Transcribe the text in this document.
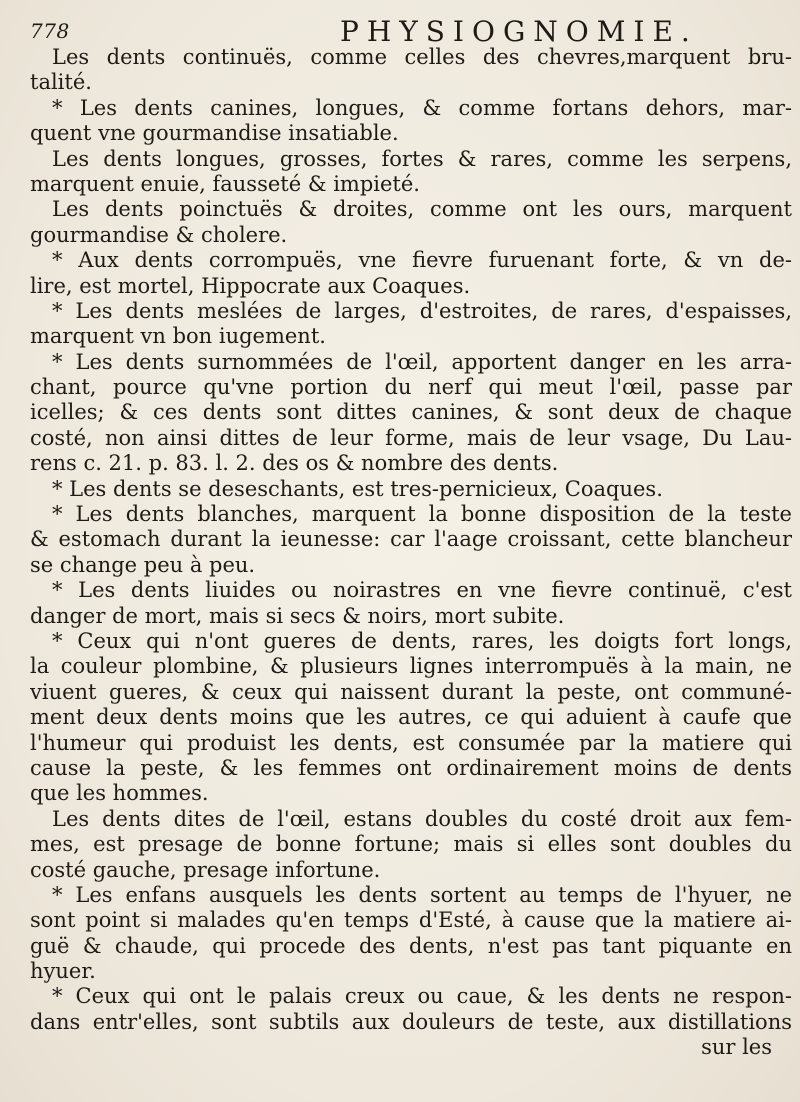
778	PHYSIOGNOMIE.

Les dents continuës, comme celles des chevres,marquent bru-

talité.

* Les dents canines, longues, & comme fortans dehors, mar-

quent vne gourmandise insatiable.

Les dents longues, grosses, fortes & rares, comme les serpens,

marquent enuie, fausseté & impieté.

Les dents poinctuës & droites, comme ont les ours, marquent

gourmandise & cholere.

* Aux dents corrompuës, vne fievre furuenant forte, & vn de-

lire, est mortel, Hippocrate aux Coaques.

* Les dents meslées de larges, d'estroites, de rares, d'espaisses,

marquent vn bon iugement.

* Les dents surnommées de l'œil, apportent danger en les arra-

chant, pource qu'vne portion du nerf qui meut l'œil, passe par

icelles; & ces dents sont dittes canines, & sont deux de chaque

costé, non ainsi dittes de leur forme, mais de leur vsage, Du Lau-

rens c. 21. p. 83. l. 2. des os & nombre des dents.

* Les dents se deseschants, est tres-pernicieux, Coaques.

* Les dents blanches, marquent la bonne disposition de la teste

& estomach durant la ieunesse: car l'aage croissant, cette blancheur

se change peu à peu.

* Les dents liuides ou noirastres en vne fievre continuë, c'est

danger de mort, mais si secs & noirs, mort subite.

* Ceux qui n'ont gueres de dents, rares, les doigts fort longs,

la couleur plombine, & plusieurs lignes interrompuës à la main, ne

viuent gueres, & ceux qui naissent durant la peste, ont communé-

ment deux dents moins que les autres, ce qui aduient à caufe que

l'humeur qui produist les dents, est consumée par la matiere qui

cause la peste, & les femmes ont ordinairement moins de dents

que les hommes.

Les dents dites de l'œil, estans doubles du costé droit aux fem-

mes, est presage de bonne fortune; mais si elles sont doubles du

costé gauche, presage infortune.

* Les enfans ausquels les dents sortent au temps de l'hyuer, ne

sont point si malades qu'en temps d'Esté, à cause que la matiere ai-

guë & chaude, qui procede des dents, n'est pas tant piquante en

hyuer.

* Ceux qui ont le palais creux ou caue, & les dents ne respon-

dans entr'elles, sont subtils aux douleurs de teste, aux distillations

sur les
